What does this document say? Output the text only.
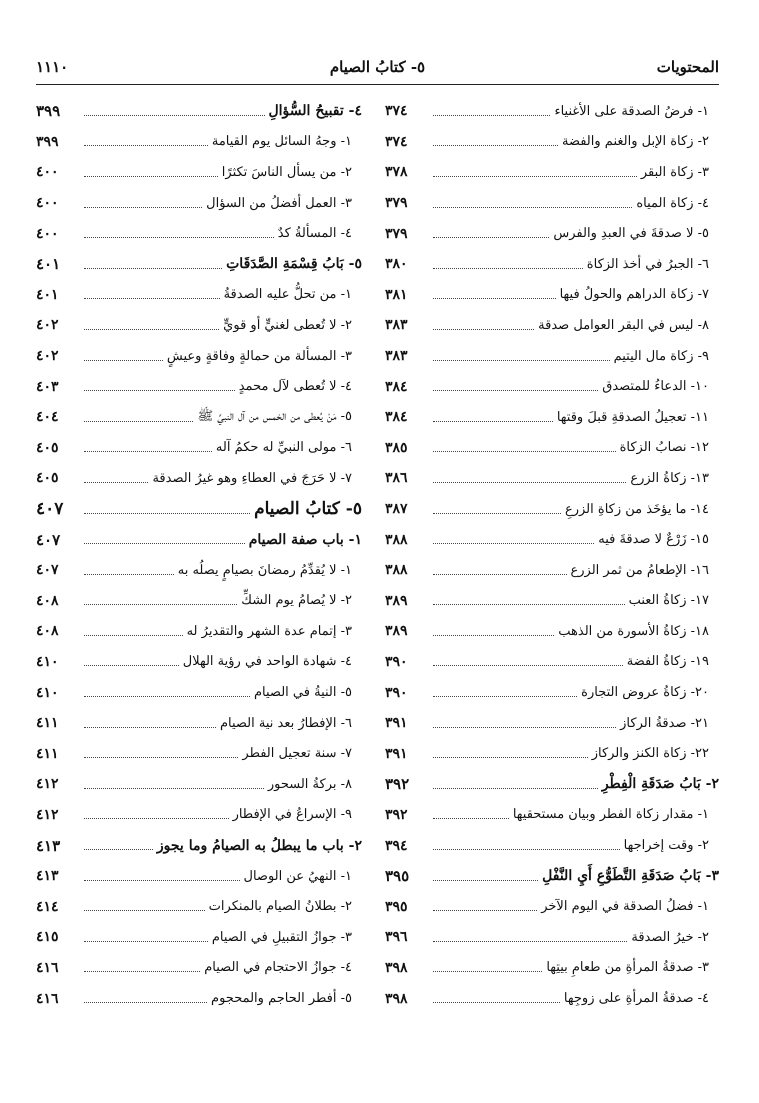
المحتويات
٥- كتابُ الصيام
١١١٠
١- فرضُ الصدقة على الأغنياء
٣٧٤
٢- زكاة الإبل والغنم والفضة
٣٧٤
٣- زكاة البقر
٣٧٨
٤- زكاة المياه
٣٧٩
٥- لا صدقةَ في العبدِ والفرس
٣٧٩
٦- الجبرُ في أخذ الزكاة
٣٨٠
٧- زكاة الدراهم والحولُ فيها
٣٨١
٨- ليس في البقر العوامل صدقة
٣٨٣
٩- زكاة مال اليتيم
٣٨٣
١٠- الدعاءُ للمتصدق
٣٨٤
١١- تعجيلُ الصدقةِ قبلَ وقتها
٣٨٤
١٢- نصابُ الزكاة
٣٨٥
١٣- زكاةُ الزرع
٣٨٦
١٤- ما يؤخَذ من زكاةِ الزرعِ
٣٨٧
١٥- زَرْعٌ لا صدقةَ فيه
٣٨٨
١٦- الإطعامُ من ثمر الزرع
٣٨٨
١٧- زكاةُ العنب
٣٨٩
١٨- زكاةُ الأسورة من الذهب
٣٨٩
١٩- زكاةُ الفضة
٣٩٠
٢٠- زكاةُ عروض التجارة
٣٩٠
٢١- صدقةُ الركاز
٣٩١
٢٢- زكاة الكنز والركاز
٣٩١
٢- بَابُ صَدَقَةِ الْفِطْرِ
٣٩٢
١- مقدار زكاة الفطر وبيان مستحقيها
٣٩٢
٢- وقت إخراجها
٣٩٤
٣- بَابُ صَدَقَةِ التَّطَوُّعِ أَيِ النَّفْلِ
٣٩٥
١- فضلُ الصدقة في اليوم الآخر
٣٩٥
٢- خيرُ الصدقة
٣٩٦
٣- صدقةُ المرأةِ من طعامِ بيتِها
٣٩٨
٤- صدقةُ المرأةِ على زوجِها
٣٩٨
٤- تقبيحُ السُّؤالِ
٣٩٩
١- وجهُ السائل يوم القيامة
٣٩٩
٢- من يسأل الناسَ تكثرًا
٤٠٠
٣- العمل أفضلُ من السؤال
٤٠٠
٤- المسألةُ كدٌ
٤٠٠
٥- بَابُ قِسْمَةِ الصَّدَقَاتِ
٤٠١
١- من تحلُّ عليه الصدقةُ
٤٠١
٢- لا تُعطى لغنيٍّ أو قويٍّ
٤٠٢
٣- المسألة من حمالةٍ وفاقةٍ وعيشٍ
٤٠٢
٤- لا تُعطى لآل محمدٍ
٤٠٣
٥- مَنْ يُعطى من الخمس من آل النبيِّ ﷺ
٤٠٤
٦- مولى النبيِّ له حكمُ آله
٤٠٥
٧- لا حَرَجَ في العطاءِ وهو غيرُ الصدقة
٤٠٥
٥- كتابُ الصيام
٤٠٧
١- باب صفة الصيام
٤٠٧
١- لا يُقدِّمُ رمضانَ بصيامٍ يصلُه به
٤٠٧
٢- لا يُصامُ يوم الشكِّ
٤٠٨
٣- إتمام عدة الشهر والتقديرُ له
٤٠٨
٤- شهادة الواحد في رؤية الهلال
٤١٠
٥- النيةُ في الصيام
٤١٠
٦- الإفطارُ بعد نية الصيام
٤١١
٧- سنة تعجيل الفطر
٤١١
٨- بركةُ السحور
٤١٢
٩- الإسراعُ في الإفطار
٤١٢
٢- باب ما يبطلُ به الصيامُ وما يجوز
٤١٣
١- النهيُ عن الوصال
٤١٣
٢- بطلانُ الصيام بالمنكرات
٤١٤
٣- جوازُ التقبيلِ في الصيام
٤١٥
٤- جوازُ الاحتجام في الصيام
٤١٦
٥- أفطر الحاجم والمحجوم
٤١٦
